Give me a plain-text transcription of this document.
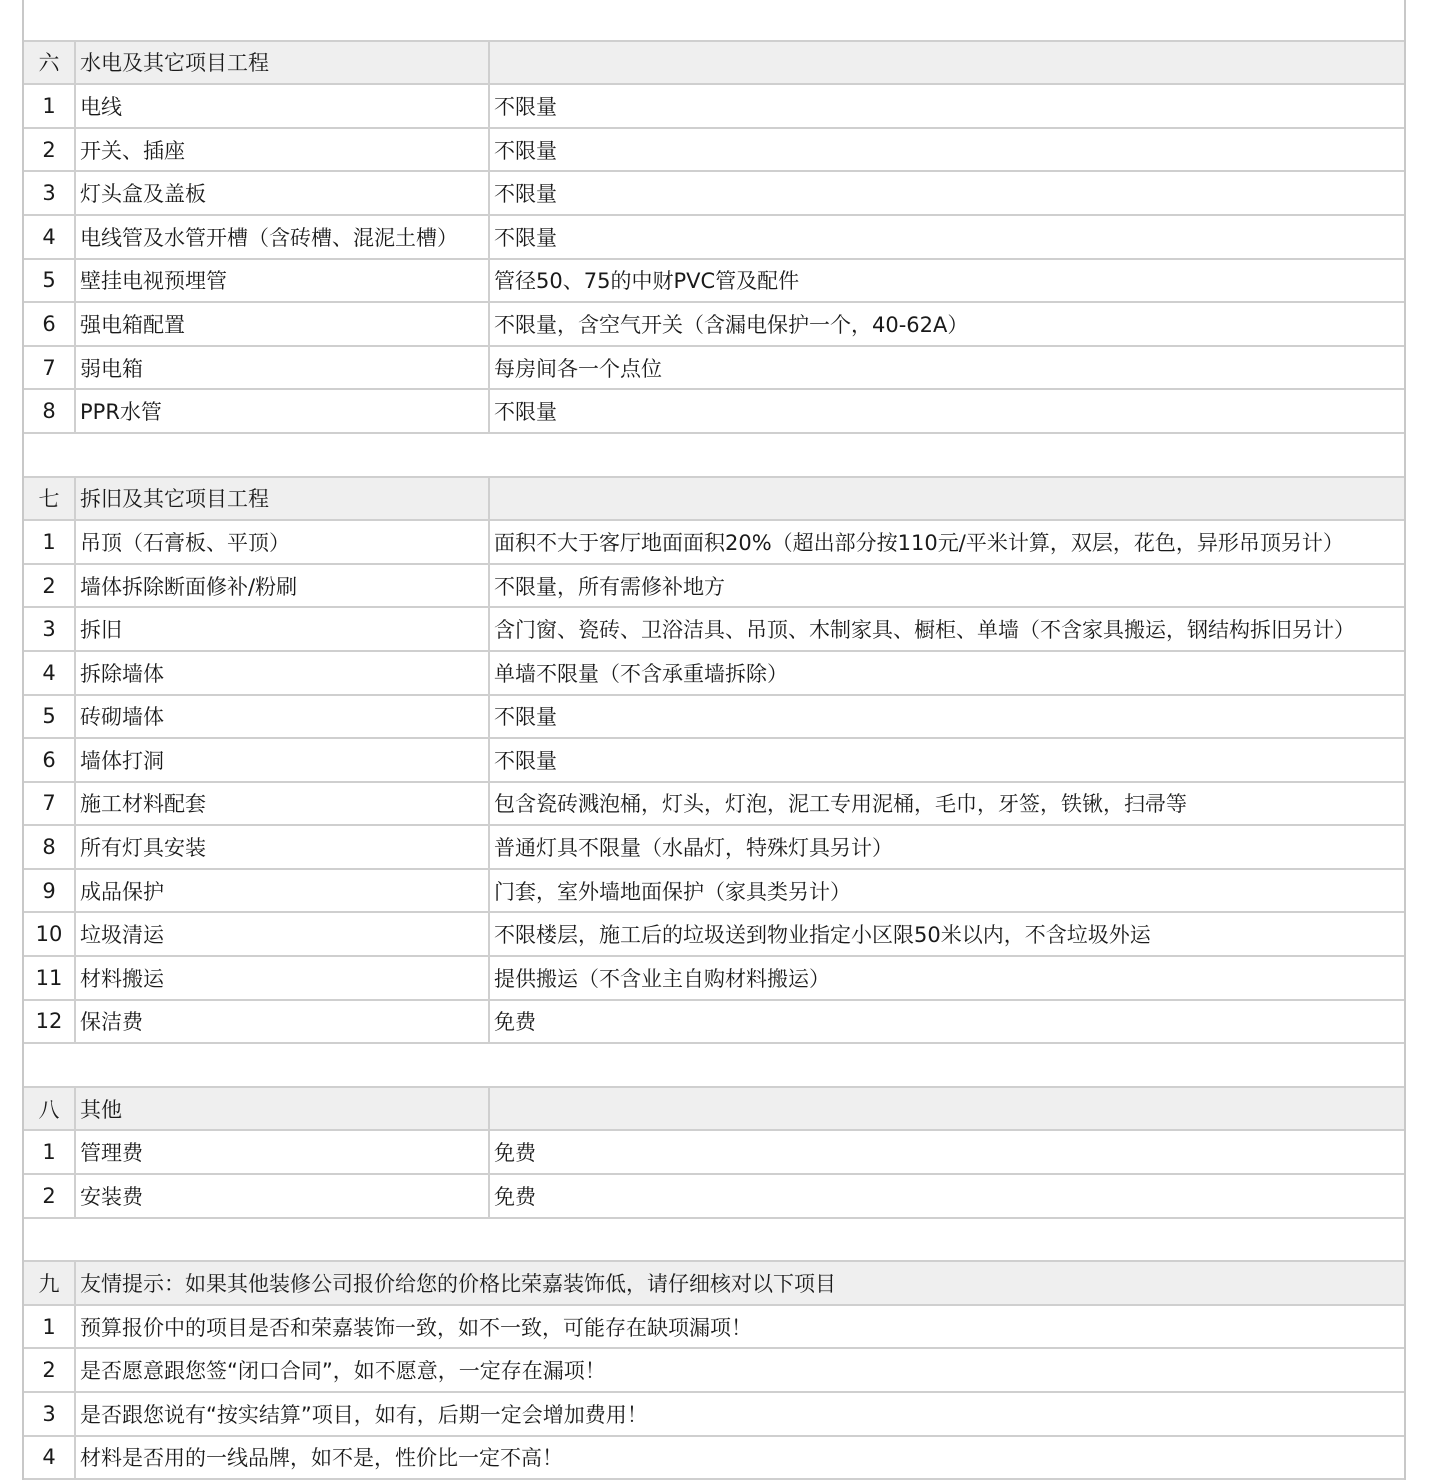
六 水电及其它项目工程
1	电线	不限量
2	开关、插座	不限量
3	灯头盒及盖板	不限量
4	电线管及水管开槽（含砖槽、混泥土槽）	不限量
5	壁挂电视预埋管	管径50、75的中财PVC管及配件
6	强电箱配置	不限量，含空气开关（含漏电保护一个，40-62A）
7	弱电箱	每房间各一个点位
8	PPR水管	不限量
七 拆旧及其它项目工程
1	吊顶（石膏板、平顶）	面积不大于客厅地面面积20%（超出部分按110元/平米计算，双层，花色，异形吊顶另计）
2	墙体拆除断面修补/粉刷	不限量，所有需修补地方
3	拆旧	含门窗、瓷砖、卫浴洁具、吊顶、木制家具、橱柜、单墙（不含家具搬运，钢结构拆旧另计）
4	拆除墙体	单墙不限量（不含承重墙拆除）
5	砖砌墙体	不限量
6	墙体打洞	不限量
7	施工材料配套	包含瓷砖溅泡桶，灯头，灯泡，泥工专用泥桶，毛巾，牙签，铁锹，扫帚等
8	所有灯具安装	普通灯具不限量（水晶灯，特殊灯具另计）
9	成品保护	门套，室外墙地面保护（家具类另计）
10 垃圾清运	不限楼层，施工后的垃圾送到物业指定小区限50米以内，不含垃圾外运
11 材料搬运	提供搬运（不含业主自购材料搬运）
12 保洁费	免费
八 其他
1	管理费	免费
2	安装费	免费
九 友情提示：如果其他装修公司报价给您的价格比荣嘉装饰低，请仔细核对以下项目
1	预算报价中的项目是否和荣嘉装饰一致，如不一致，可能存在缺项漏项！
2	是否愿意跟您签“闭口合同”，如不愿意，一定存在漏项！
3	是否跟您说有“按实结算”项目，如有，后期一定会增加费用！
4	材料是否用的一线品牌，如不是，性价比一定不高！
